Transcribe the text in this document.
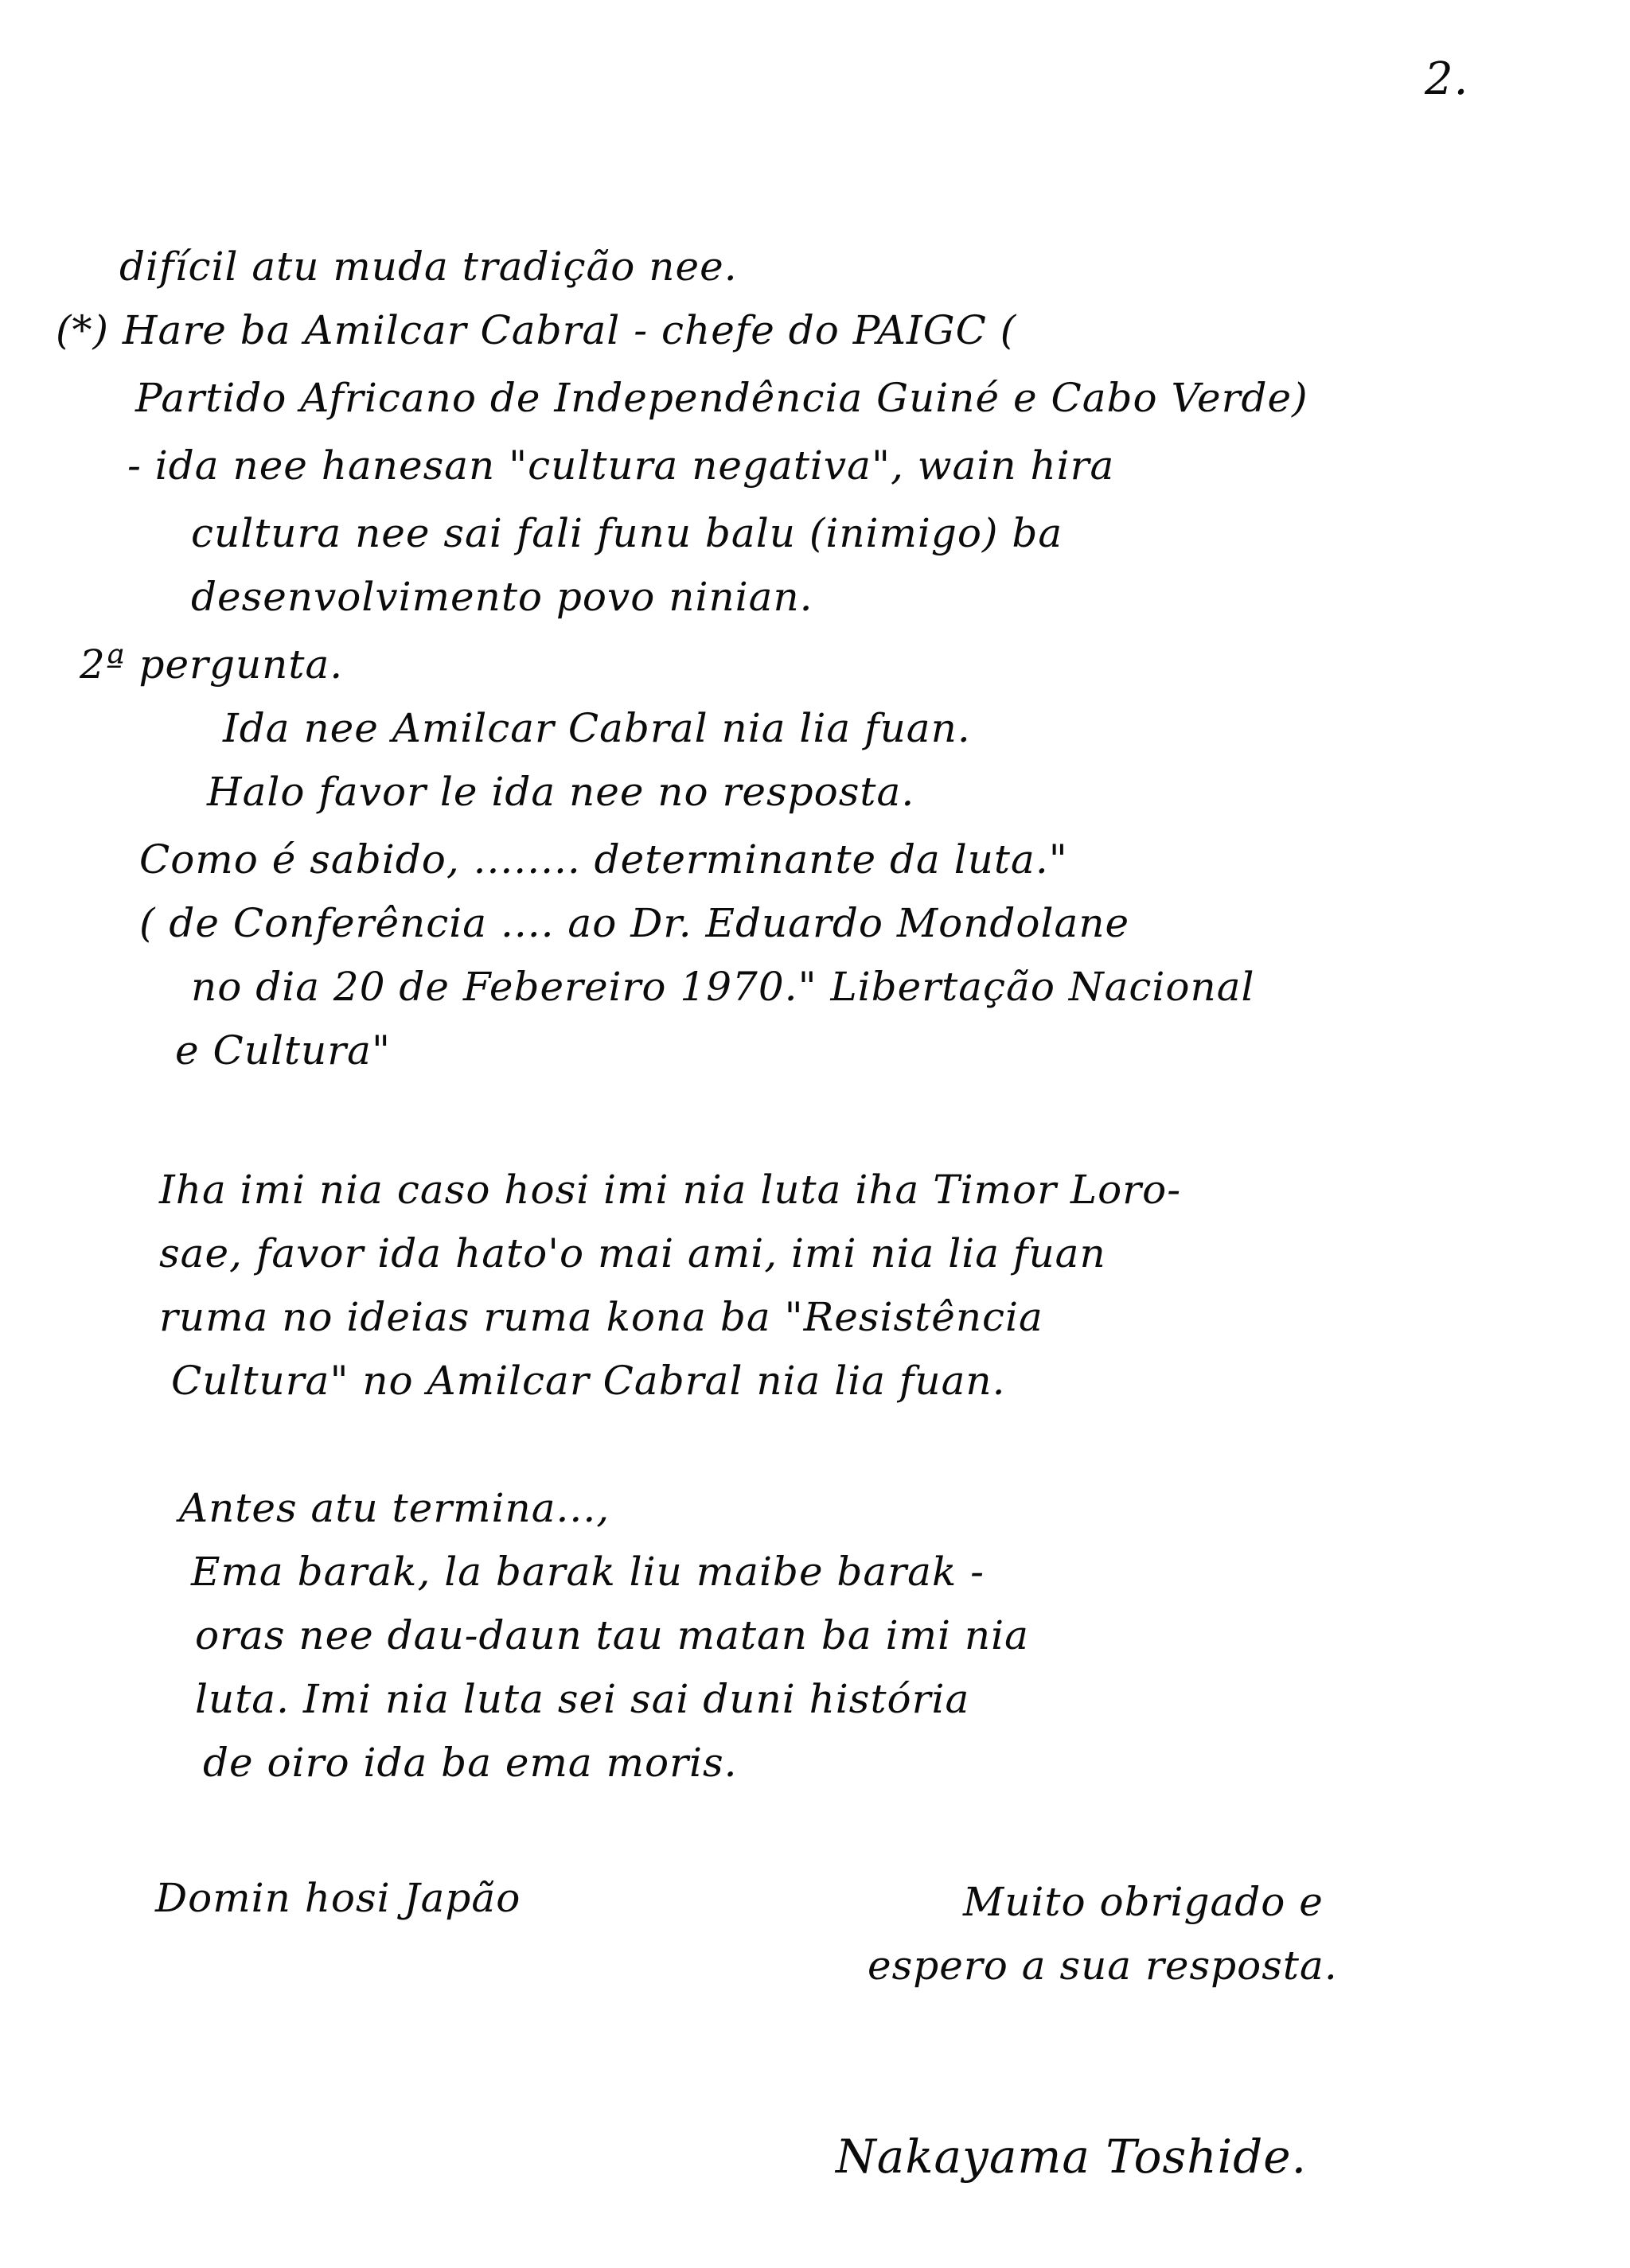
2.
difícil atu muda tradição nee.
(*) Hare ba Amilcar Cabral - chefe do PAIGC (
Partido Africano de Independência Guiné e Cabo Verde)
- ida nee hanesan "cultura negativa", wain hira
cultura nee sai fali funu balu (inimigo) ba
desenvolvimento povo ninian.
2ª pergunta.
Ida nee Amilcar Cabral nia lia fuan.
Halo favor le ida nee no resposta.
Como é sabido, ........ determinante da luta."
( de Conferência .... ao Dr. Eduardo Mondolane
no dia 20 de Febereiro 1970." Libertação Nacional
e Cultura"
Iha imi nia caso hosi imi nia luta iha Timor Loro-
sae, favor ida hato'o mai ami, imi nia lia fuan
ruma no ideias ruma kona ba "Resistência
Cultura" no Amilcar Cabral nia lia fuan.
Antes atu termina...,
Ema barak, la barak liu maibe barak -
oras nee dau-daun tau matan ba imi nia
luta. Imi nia luta sei sai duni história
de oiro ida ba ema moris.
Domin hosi Japão	Muito obrigado e
espero a sua resposta.
Nakayama Toshide.
